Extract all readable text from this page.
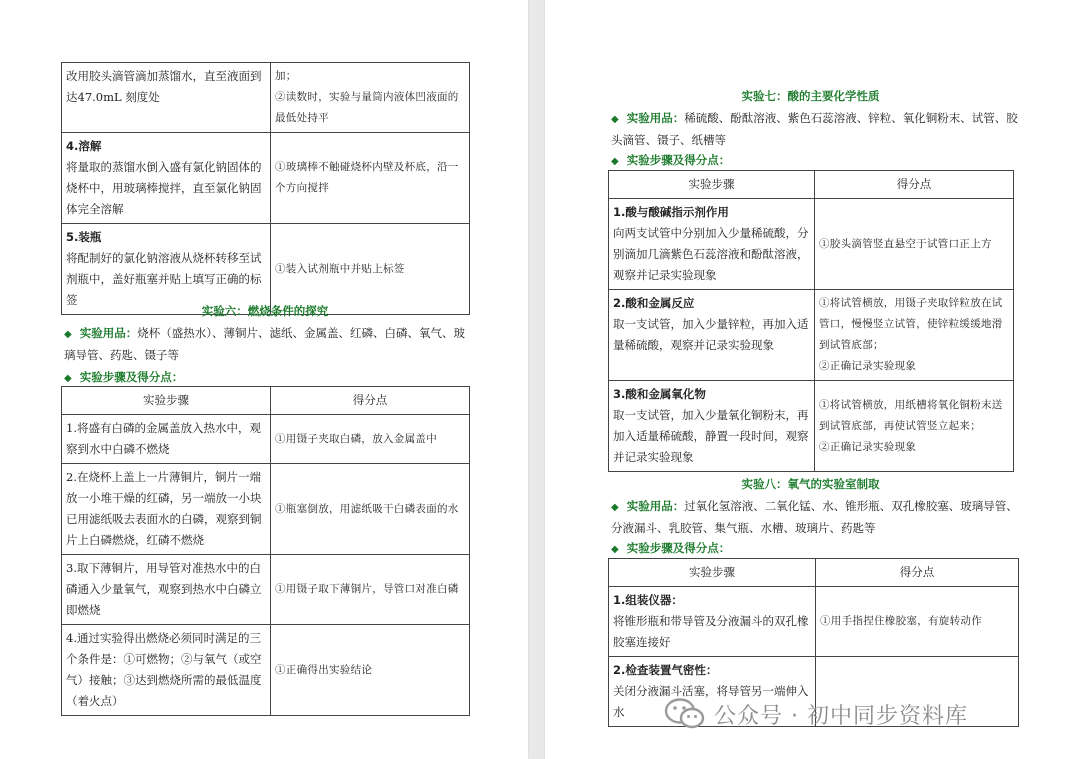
改用胶头滴管滴加蒸馏水，直至液面到达47.0mL 刻度处	加；
②读数时，实验与量筒内液体凹液面的最低处持平

4.溶解
将量取的蒸馏水倒入盛有氯化钠固体的烧杯中，用玻璃棒搅拌，直至氯化钠固体完全溶解	①玻璃棒不触碰烧杯内壁及杯底，沿一个方向搅拌

5.装瓶
将配制好的氯化钠溶液从烧杯转移至试剂瓶中，盖好瓶塞并贴上填写正确的标签	①装入试剂瓶中并贴上标签
实验六：燃烧条件的探究
◆ 实验用品：烧杯（盛热水）、薄铜片、滤纸、金属盖、红磷、白磷、氧气、玻璃导管、药匙、镊子等
◆ 实验步骤及得分点：
实验步骤	得分点

1.将盛有白磷的金属盖放入热水中，观察到水中白磷不燃烧	①用镊子夹取白磷，放入金属盖中

2.在烧杯上盖上一片薄铜片，铜片一端放一小堆干燥的红磷，另一端放一小块已用滤纸吸去表面水的白磷，观察到铜片上白磷燃烧，红磷不燃烧	①瓶塞倒放，用滤纸吸干白磷表面的水

3.取下薄铜片，用导管对准热水中的白磷通入少量氧气，观察到热水中白磷立即燃烧	①用镊子取下薄铜片，导管口对准白磷

4.通过实验得出燃烧必须同时满足的三个条件是：①可燃物；②与氧气（或空气）接触；③达到燃烧所需的最低温度（着火点）	①正确得出实验结论
实验七：酸的主要化学性质
◆ 实验用品：稀硫酸、酚酞溶液、紫色石蕊溶液、锌粒、氧化铜粉末、试管、胶头滴管、镊子、纸槽等
◆ 实验步骤及得分点：
实验步骤	得分点

1.酸与酸碱指示剂作用
向两支试管中分别加入少量稀硫酸，分别滴加几滴紫色石蕊溶液和酚酞溶液，观察并记录实验现象	①胶头滴管竖直悬空于试管口正上方

2.酸和金属反应
取一支试管，加入少量锌粒，再加入适量稀硫酸，观察并记录实验现象	①将试管横放，用镊子夹取锌粒放在试管口，慢慢竖立试管，使锌粒缓缓地滑到试管底部；
②正确记录实验现象

3.酸和金属氧化物
取一支试管，加入少量氧化铜粉末，再加入适量稀硫酸，静置一段时间，观察并记录实验现象	①将试管横放，用纸槽将氧化铜粉末送到试管底部，再使试管竖立起来；
②正确记录实验现象
实验八：氧气的实验室制取
◆ 实验用品：过氧化氢溶液、二氧化锰、水、锥形瓶、双孔橡胶塞、玻璃导管、分液漏斗、乳胶管、集气瓶、水槽、玻璃片、药匙等
◆ 实验步骤及得分点：
实验步骤	得分点

1.组装仪器：
将锥形瓶和带导管及分液漏斗的双孔橡胶塞连接好	①用手指捏住橡胶塞，有旋转动作

2.检查装置气密性：
关闭分液漏斗活塞，将导管另一端伸入水	
		公众号 · 初中同步资料库
